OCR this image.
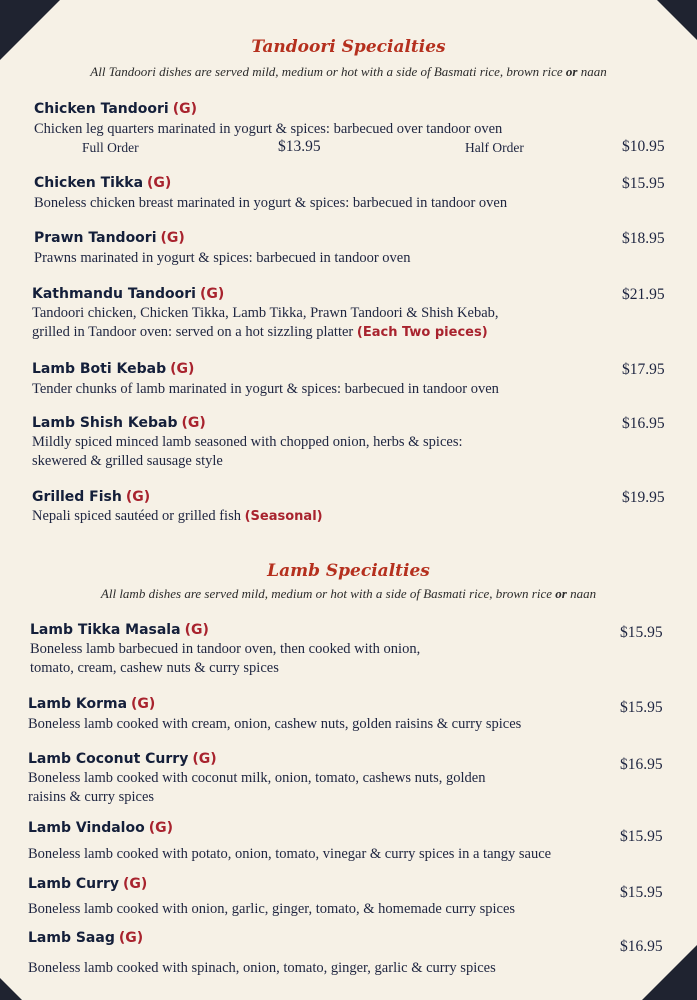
Tandoori Specialties
All Tandoori dishes are served mild, medium or hot with a side of Basmati rice, brown rice or naan
Chicken Tandoori (G)
Chicken leg quarters marinated in yogurt & spices: barbecued over tandoor oven
Full Order	$13.95	Half Order	$10.95
Chicken Tikka (G)
Boneless chicken breast marinated in yogurt & spices: barbecued in tandoor oven
$15.95
Prawn Tandoori (G)
Prawns marinated in yogurt & spices: barbecued in tandoor oven
$18.95
Kathmandu Tandoori (G)
Tandoori chicken, Chicken Tikka, Lamb Tikka, Prawn Tandoori & Shish Kebab,
grilled in Tandoor oven: served on a hot sizzling platter (Each Two pieces)
$21.95
Lamb Boti Kebab (G)
Tender chunks of lamb marinated in yogurt & spices: barbecued in tandoor oven
$17.95
Lamb Shish Kebab (G)
Mildly spiced minced lamb seasoned with chopped onion, herbs & spices:
skewered & grilled sausage style
$16.95
Grilled Fish (G)
Nepali spiced sautéed or grilled fish (Seasonal)
$19.95
Lamb Specialties
All lamb dishes are served mild, medium or hot with a side of Basmati rice, brown rice or naan
Lamb Tikka Masala (G)
Boneless lamb barbecued in tandoor oven, then cooked with onion,
tomato, cream, cashew nuts & curry spices
$15.95
Lamb Korma (G)
Boneless lamb cooked with cream, onion, cashew nuts, golden raisins & curry spices
$15.95
Lamb Coconut Curry (G)
Boneless lamb cooked with coconut milk, onion, tomato, cashews nuts, golden
raisins & curry spices
$16.95
Lamb Vindaloo (G)
Boneless lamb cooked with potato, onion, tomato, vinegar & curry spices in a tangy sauce
$15.95
Lamb Curry (G)
Boneless lamb cooked with onion, garlic, ginger, tomato, & homemade curry spices
$15.95
Lamb Saag (G)
Boneless lamb cooked with spinach, onion, tomato, ginger, garlic & curry spices
$16.95
